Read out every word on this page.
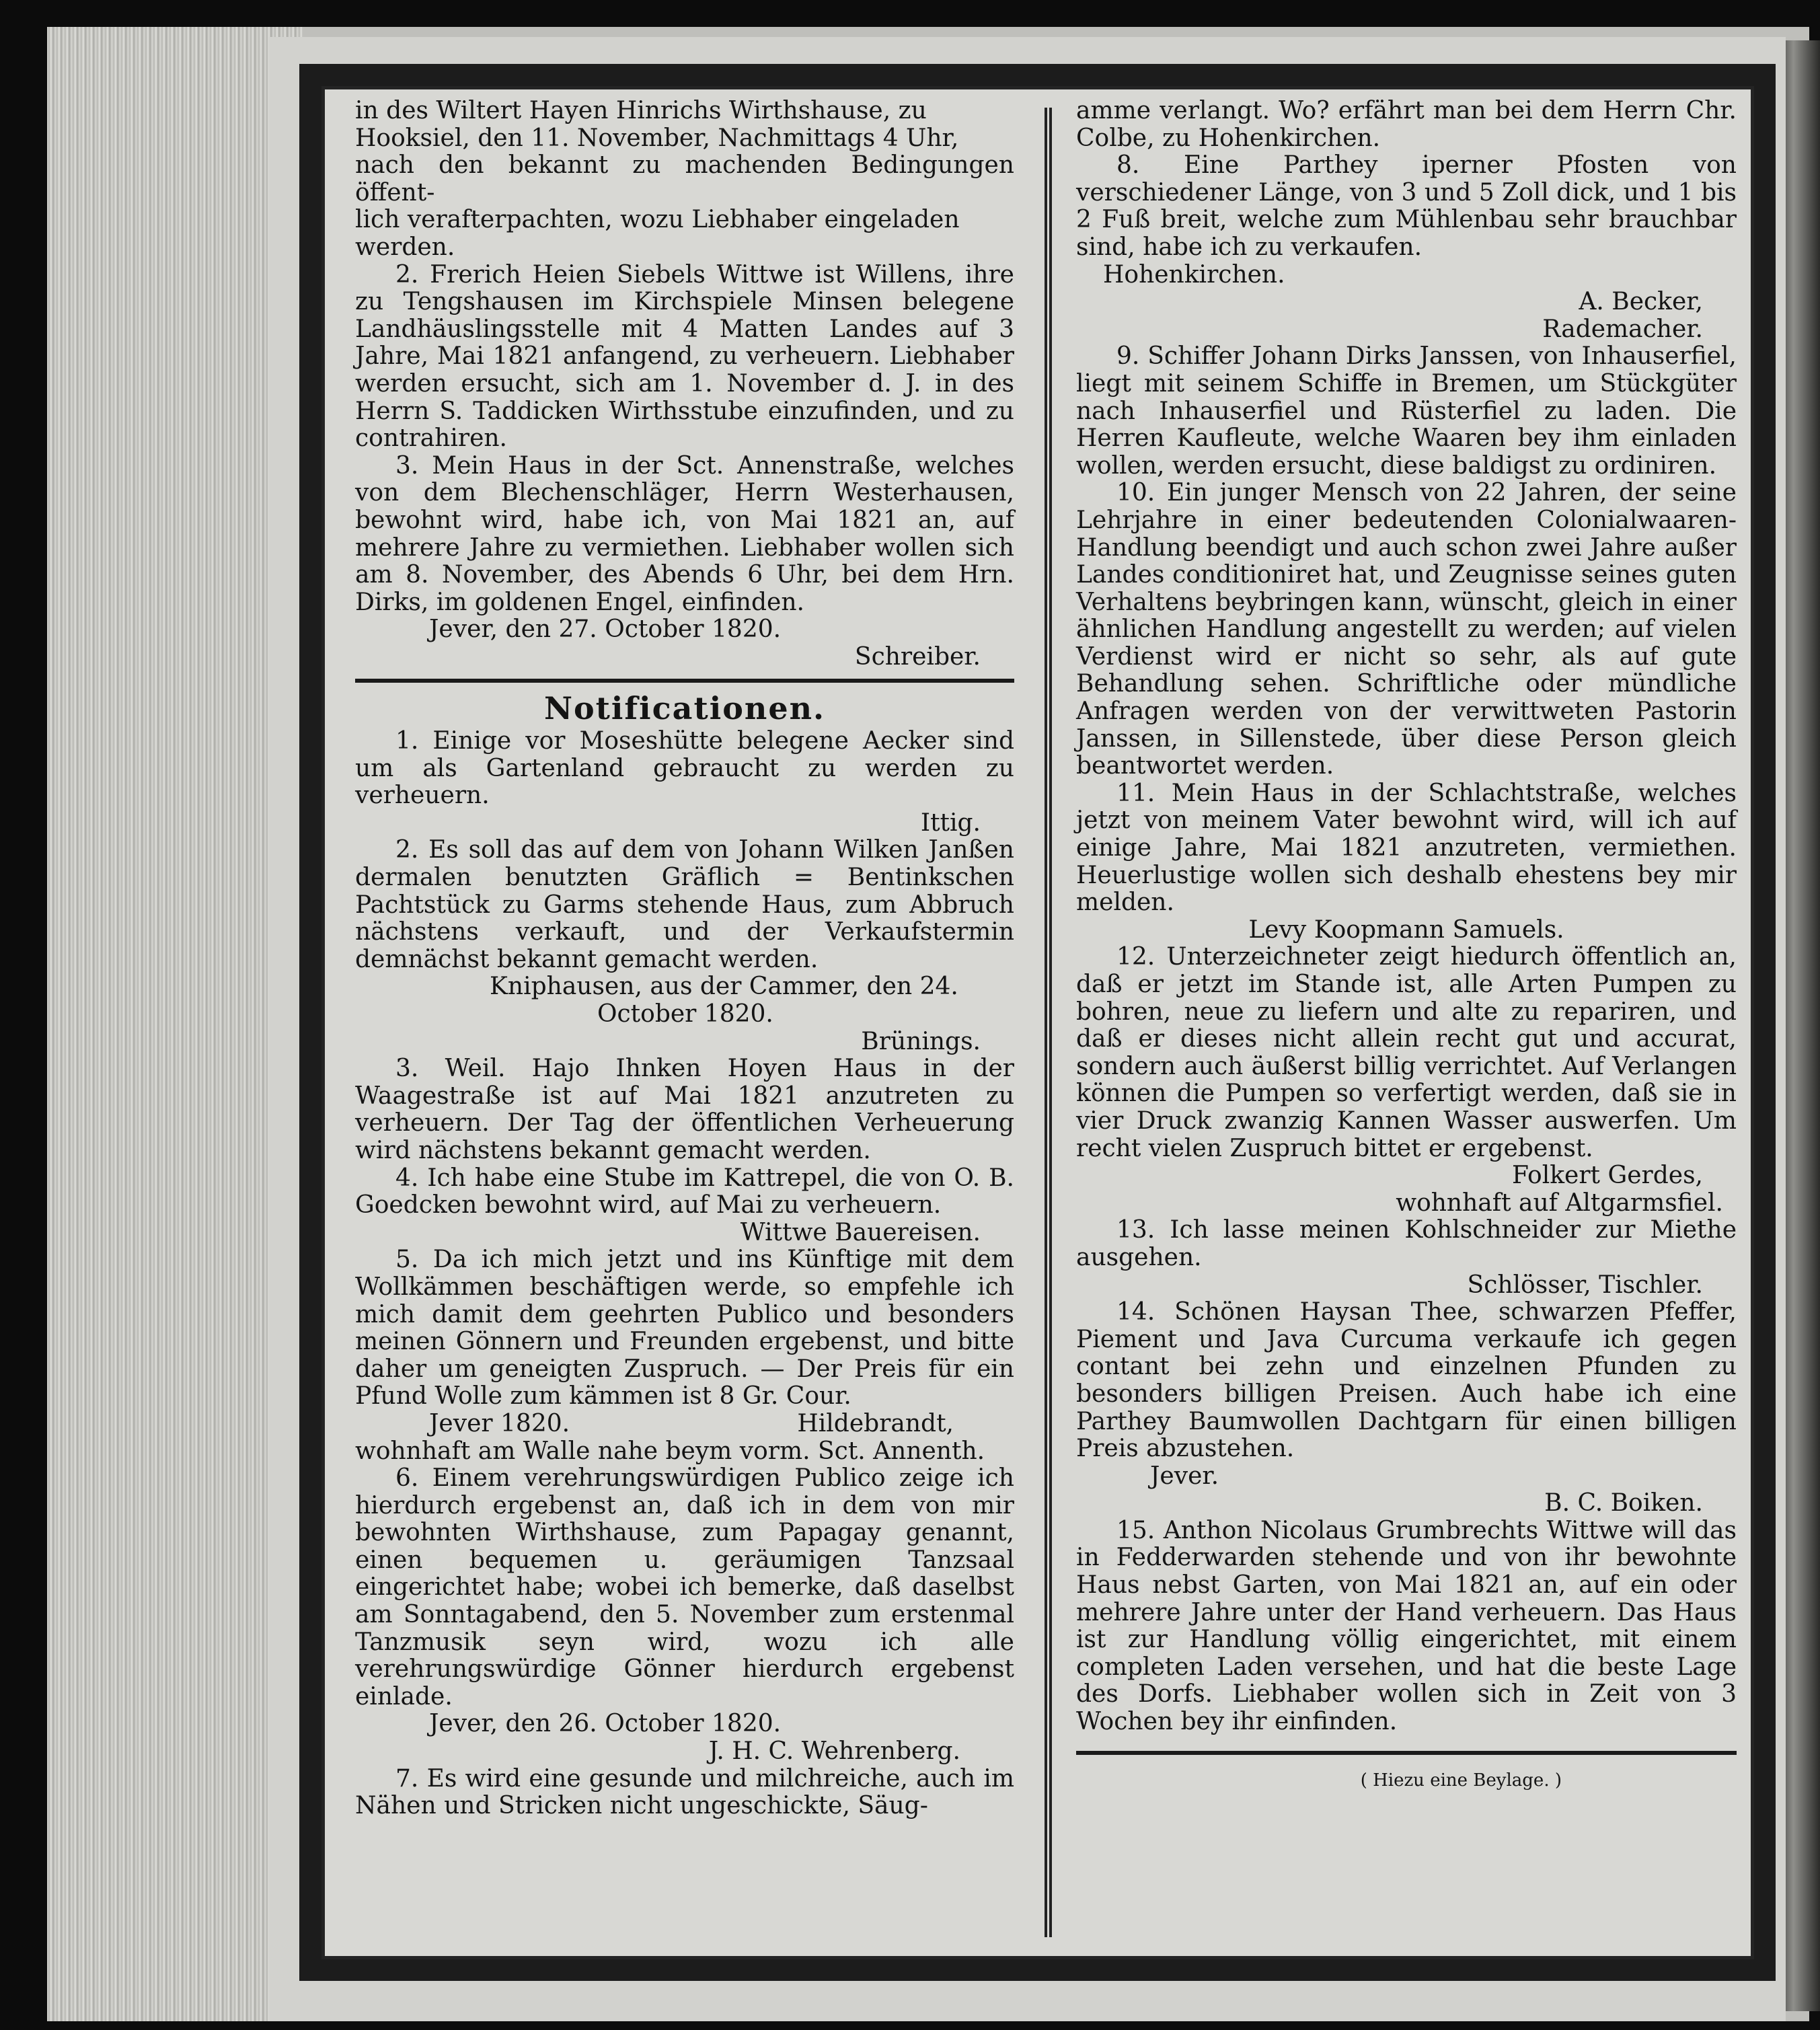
in des Wiltert Hayen Hinrichs Wirthshause, zu

Hooksiel, den 11. November, Nachmittags 4 Uhr,

nach den bekannt zu machenden Bedingungen öffent-

lich verafterpachten, wozu Liebhaber eingeladen

werden.

2. Frerich Heien Siebels Wittwe ist Willens, ihre zu Tengshausen im Kirchspiele Minsen belegene Landhäuslingsstelle mit 4 Matten Landes auf 3 Jahre, Mai 1821 anfangend, zu verheuern. Liebhaber werden ersucht, sich am 1. November d. J. in des Herrn S. Taddicken Wirthsstube einzufinden, und zu contrahiren.

3. Mein Haus in der Sct. Annenstraße, welches von dem Blechenschläger, Herrn Westerhausen, bewohnt wird, habe ich, von Mai 1821 an, auf mehrere Jahre zu vermiethen. Liebhaber wollen sich am 8. November, des Abends 6 Uhr, bei dem Hrn. Dirks, im goldenen Engel, einfinden.

Jever, den 27. October 1820.

Schreiber.

Notificationen.

1. Einige vor Moseshütte belegene Aecker sind um als Gartenland gebraucht zu werden zu verheuern.

Ittig.

2. Es soll das auf dem von Johann Wilken Janßen dermalen benutzten Gräflich = Bentinkschen Pachtstück zu Garms stehende Haus, zum Abbruch nächstens verkauft, und der Verkaufstermin demnächst bekannt gemacht werden.

Kniphausen, aus der Cammer, den 24.

October 1820.

Brünings.

3. Weil. Hajo Ihnken Hoyen Haus in der Waagestraße ist auf Mai 1821 anzutreten zu verheuern. Der Tag der öffentlichen Verheuerung wird nächstens bekannt gemacht werden.

4. Ich habe eine Stube im Kattrepel, die von O. B. Goedcken bewohnt wird, auf Mai zu verheuern.

Wittwe Bauereisen.

5. Da ich mich jetzt und ins Künftige mit dem Wollkämmen beschäftigen werde, so empfehle ich mich damit dem geehrten Publico und besonders meinen Gönnern und Freunden ergebenst, und bitte daher um geneigten Zuspruch. — Der Preis für ein Pfund Wolle zum kämmen ist 8 Gr. Cour.

Jever 1820.	Hildebrandt,

wohnhaft am Walle nahe beym vorm. Sct. Annenth.

6. Einem verehrungswürdigen Publico zeige ich hierdurch ergebenst an, daß ich in dem von mir bewohnten Wirthshause, zum Papagay genannt, einen bequemen u. geräumigen Tanzsaal eingerichtet habe; wobei ich bemerke, daß daselbst am Sonntagabend, den 5. November zum erstenmal Tanzmusik seyn wird, wozu ich alle verehrungswürdige Gönner hierdurch ergebenst einlade.

Jever, den 26. October 1820.

J. H. C. Wehrenberg.

7. Es wird eine gesunde und milchreiche, auch im Nähen und Stricken nicht ungeschickte, Säug-

amme verlangt. Wo? erfährt man bei dem Herrn Chr. Colbe, zu Hohenkirchen.

8. Eine Parthey iperner Pfosten von verschiedener Länge, von 3 und 5 Zoll dick, und 1 bis 2 Fuß breit, welche zum Mühlenbau sehr brauchbar sind, habe ich zu verkaufen.

Hohenkirchen.

A. Becker,

Rademacher.

9. Schiffer Johann Dirks Janssen, von Inhauserfiel, liegt mit seinem Schiffe in Bremen, um Stückgüter nach Inhauserfiel und Rüsterfiel zu laden. Die Herren Kaufleute, welche Waaren bey ihm einladen wollen, werden ersucht, diese baldigst zu ordiniren.

10. Ein junger Mensch von 22 Jahren, der seine Lehrjahre in einer bedeutenden Colonialwaaren-Handlung beendigt und auch schon zwei Jahre außer Landes conditioniret hat, und Zeugnisse seines guten Verhaltens beybringen kann, wünscht, gleich in einer ähnlichen Handlung angestellt zu werden; auf vielen Verdienst wird er nicht so sehr, als auf gute Behandlung sehen. Schriftliche oder mündliche Anfragen werden von der verwittweten Pastorin Janssen, in Sillenstede, über diese Person gleich beantwortet werden.

11. Mein Haus in der Schlachtstraße, welches jetzt von meinem Vater bewohnt wird, will ich auf einige Jahre, Mai 1821 anzutreten, vermiethen. Heuerlustige wollen sich deshalb ehestens bey mir melden.

Levy Koopmann Samuels.

12. Unterzeichneter zeigt hiedurch öffentlich an, daß er jetzt im Stande ist, alle Arten Pumpen zu bohren, neue zu liefern und alte zu repariren, und daß er dieses nicht allein recht gut und accurat, sondern auch äußerst billig verrichtet. Auf Verlangen können die Pumpen so verfertigt werden, daß sie in vier Druck zwanzig Kannen Wasser auswerfen. Um recht vielen Zuspruch bittet er ergebenst.

Folkert Gerdes,

wohnhaft auf Altgarmsfiel.

13. Ich lasse meinen Kohlschneider zur Miethe ausgehen.

Schlösser, Tischler.

14. Schönen Haysan Thee, schwarzen Pfeffer, Piement und Java Curcuma verkaufe ich gegen contant bei zehn und einzelnen Pfunden zu besonders billigen Preisen. Auch habe ich eine Parthey Baumwollen Dachtgarn für einen billigen Preis abzustehen.

Jever.

B. C. Boiken.

15. Anthon Nicolaus Grumbrechts Wittwe will das in Fedderwarden stehende und von ihr bewohnte Haus nebst Garten, von Mai 1821 an, auf ein oder mehrere Jahre unter der Hand verheuern. Das Haus ist zur Handlung völlig eingerichtet, mit einem completen Laden versehen, und hat die beste Lage des Dorfs. Liebhaber wollen sich in Zeit von 3 Wochen bey ihr einfinden.

( Hiezu eine Beylage. )
